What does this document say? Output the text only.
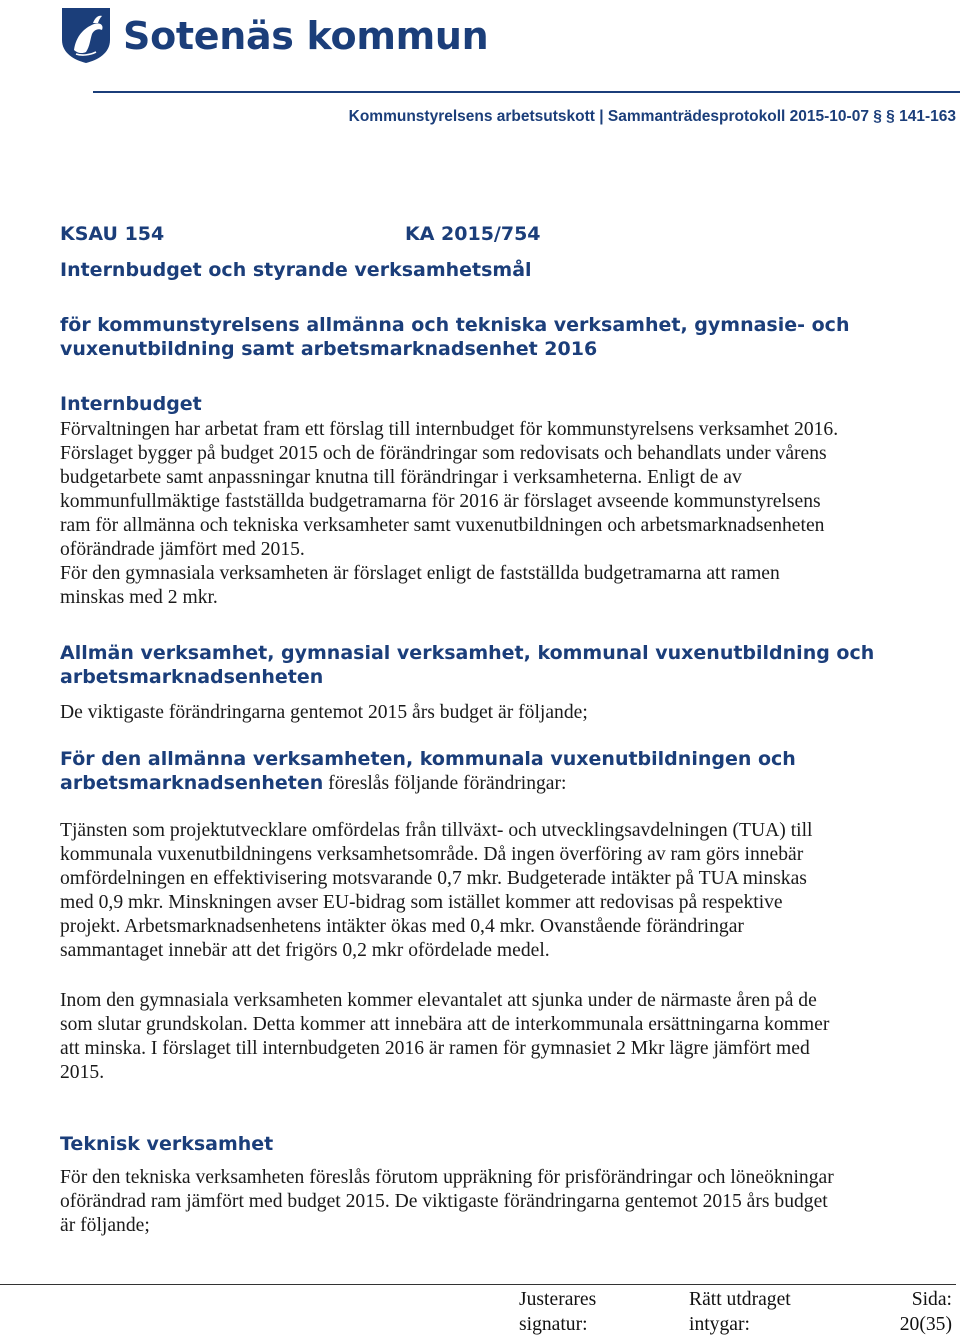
Sotenäs kommun
Kommunstyrelsens arbetsutskott | Sammanträdesprotokoll 2015-10-07 § § 141-163

KSAU 154	KA 2015/754

Internbudget och styrande verksamhetsmål

för kommunstyrelsens allmänna och tekniska verksamhet, gymnasie- och

vuxenutbildning samt arbetsmarknadsenhet 2016

Internbudget

Förvaltningen har arbetat fram ett förslag till internbudget för kommunstyrelsens verksamhet 2016.

Förslaget bygger på budget 2015 och de förändringar som redovisats och behandlats under vårens

budgetarbete samt anpassningar knutna till förändringar i verksamheterna. Enligt de av

kommunfullmäktige fastställda budgetramarna för 2016 är förslaget avseende kommunstyrelsens

ram för allmänna och tekniska verksamheter samt vuxenutbildningen och arbetsmarknadsenheten

oförändrade jämfört med 2015.

För den gymnasiala verksamheten är förslaget enligt de fastställda budgetramarna att ramen

minskas med 2 mkr.

Allmän verksamhet, gymnasial verksamhet, kommunal vuxenutbildning och

arbetsmarknadsenheten

De viktigaste förändringarna gentemot 2015 års budget är följande;

För den allmänna verksamheten, kommunala vuxenutbildningen och

arbetsmarknadsenheten föreslås följande förändringar:

Tjänsten som projektutvecklare omfördelas från tillväxt- och utvecklingsavdelningen (TUA) till

kommunala vuxenutbildningens verksamhetsområde. Då ingen överföring av ram görs innebär

omfördelningen en effektivisering motsvarande 0,7 mkr. Budgeterade intäkter på TUA minskas

med 0,9 mkr. Minskningen avser EU-bidrag som istället kommer att redovisas på respektive

projekt. Arbetsmarknadsenhetens intäkter ökas med 0,4 mkr. Ovanstående förändringar

sammantaget innebär att det frigörs 0,2 mkr ofördelade medel.

Inom den gymnasiala verksamheten kommer elevantalet att sjunka under de närmaste åren på de

som slutar grundskolan. Detta kommer att innebära att de interkommunala ersättningarna kommer

att minska. I förslaget till internbudgeten 2016 är ramen för gymnasiet 2 Mkr lägre jämfört med

2015.

Teknisk verksamhet

För den tekniska verksamheten föreslås förutom uppräkning för prisförändringar och löneökningar

oförändrad ram jämfört med budget 2015. De viktigaste förändringarna gentemot 2015 års budget

är följande;

Justerares
signatur:
Rätt utdraget
intygar:
Sida:
20(35)
